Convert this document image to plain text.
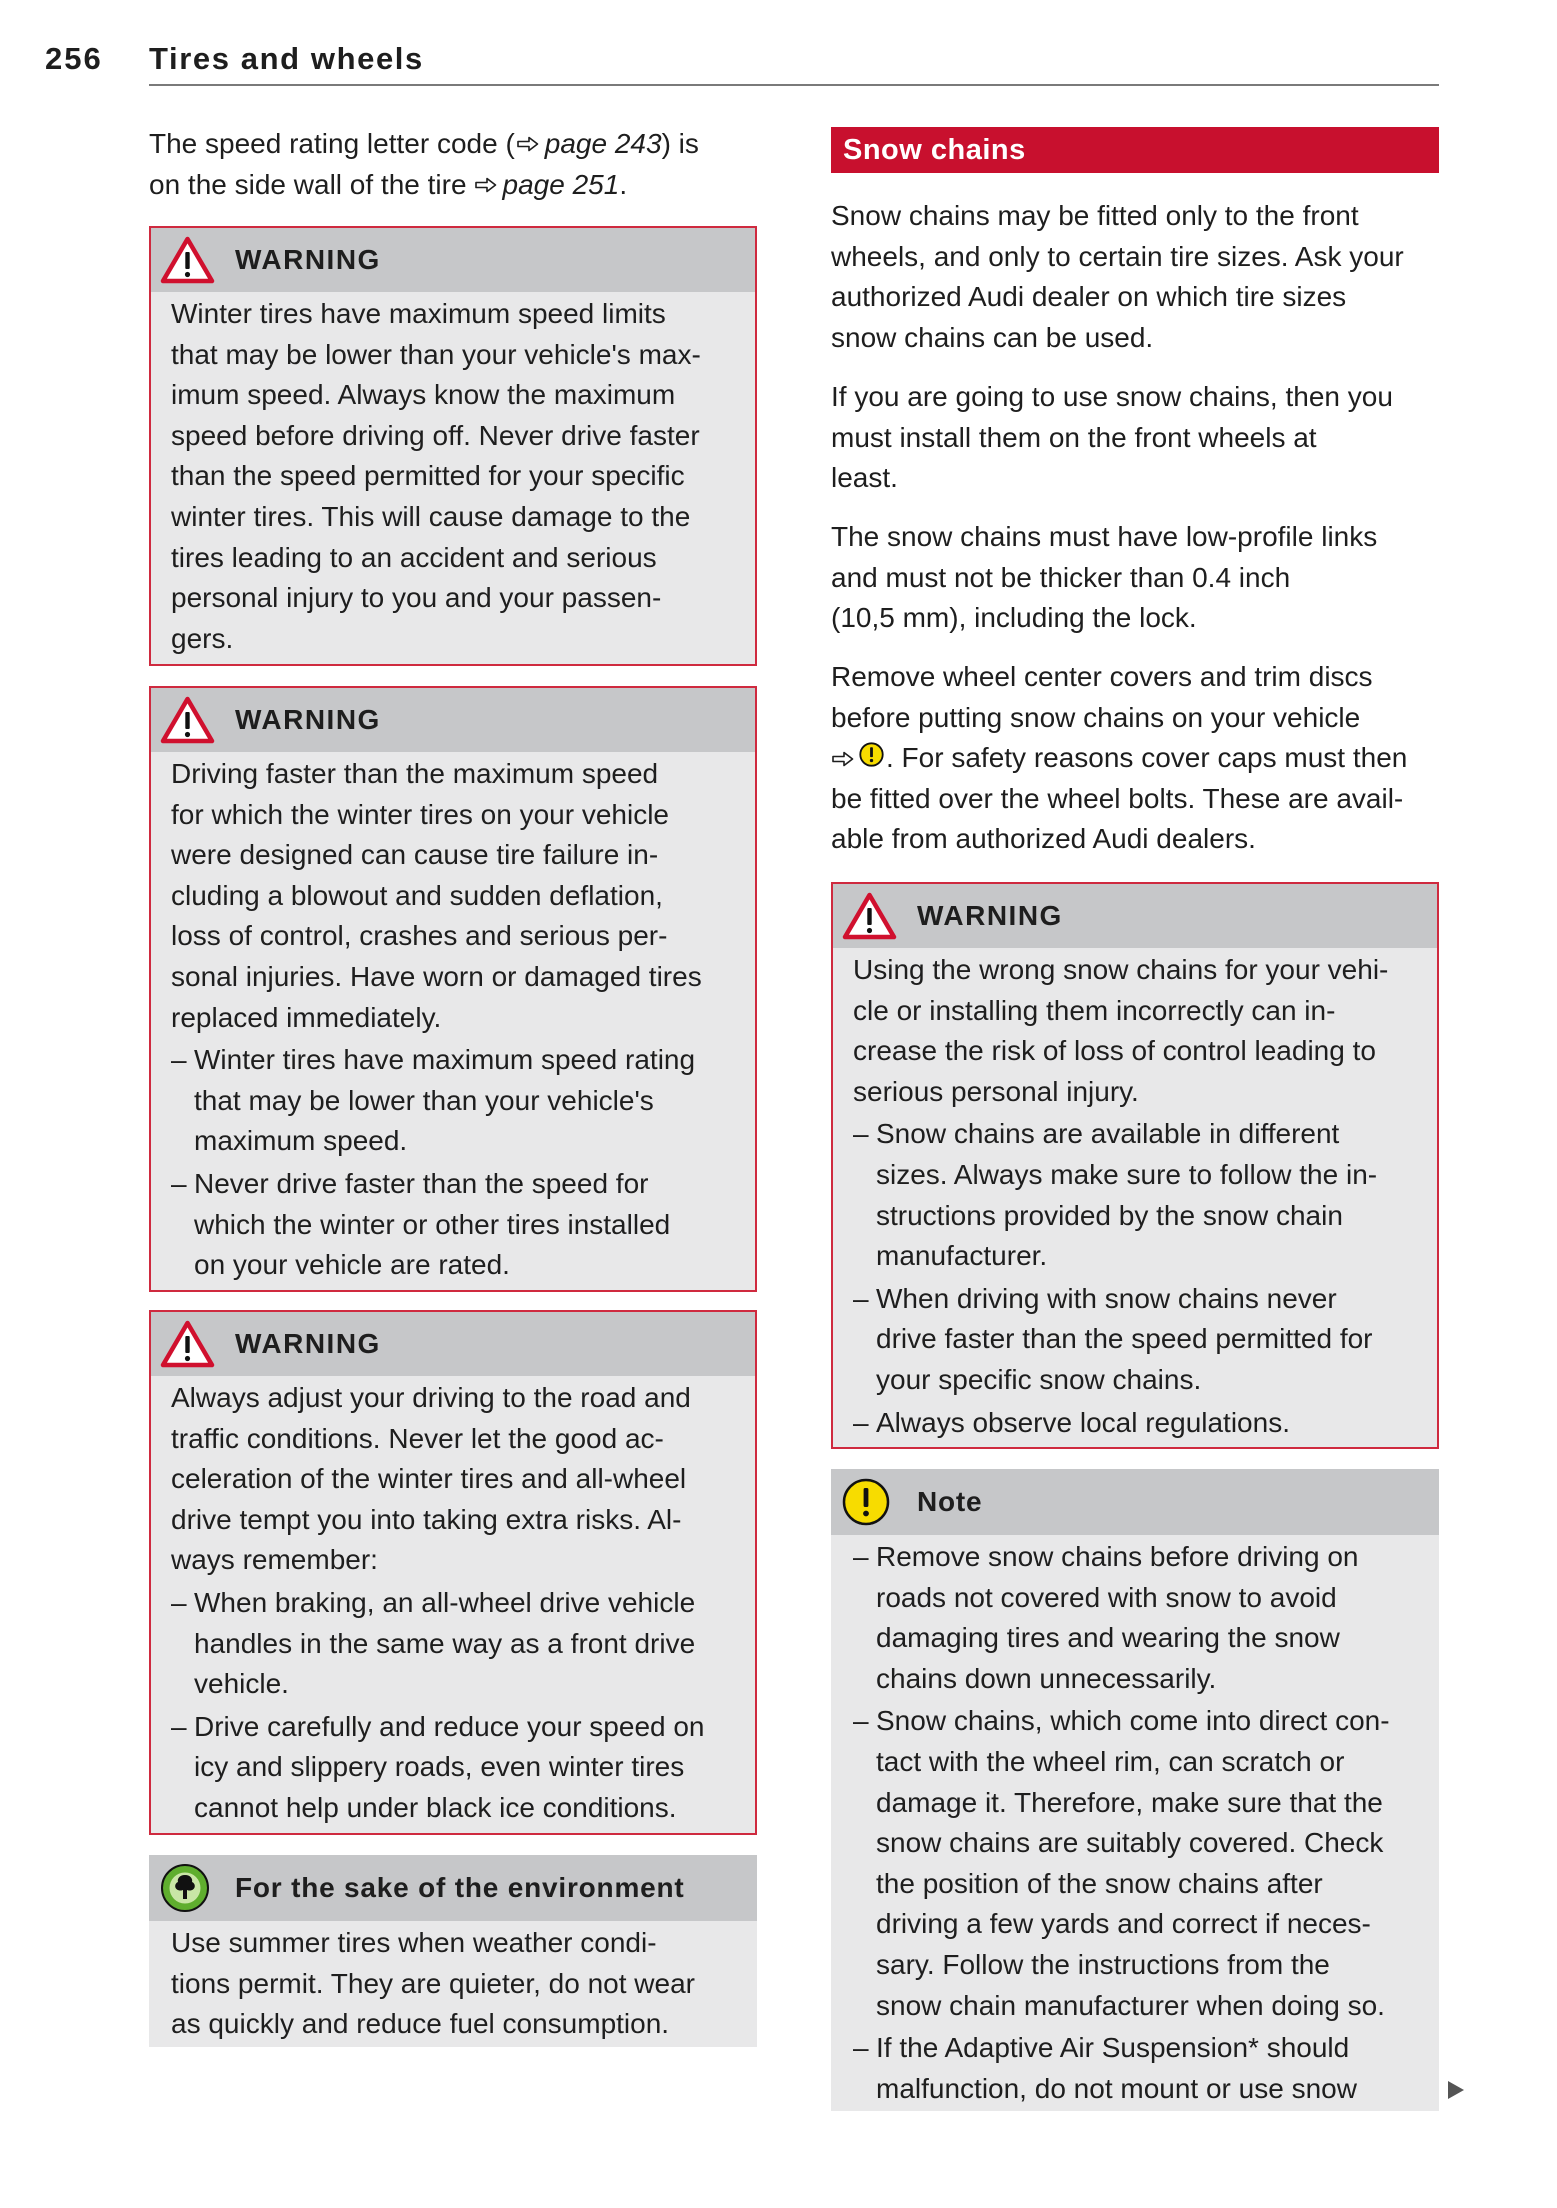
256 Tires and wheels
The speed rating letter code ( page 243) is
on the side wall of the tire page 251.
WARNING
Winter tires have maximum speed limits
that may be lower than your vehicle's max-
imum speed. Always know the maximum
speed before driving off. Never drive faster
than the speed permitted for your specific
winter tires. This will cause damage to the
tires leading to an accident and serious
personal injury to you and your passen-
gers.
WARNING
Driving faster than the maximum speed
for which the winter tires on your vehicle
were designed can cause tire failure in-
cluding a blowout and sudden deflation,
loss of control, crashes and serious per-
sonal injuries. Have worn or damaged tires
replaced immediately.
– Winter tires have maximum speed rating
that may be lower than your vehicle's
maximum speed.
– Never drive faster than the speed for
which the winter or other tires installed
on your vehicle are rated.
WARNING
Always adjust your driving to the road and
traffic conditions. Never let the good ac-
celeration of the winter tires and all-wheel
drive tempt you into taking extra risks. Al-
ways remember:
– When braking, an all-wheel drive vehicle
handles in the same way as a front drive
vehicle.
– Drive carefully and reduce your speed on
icy and slippery roads, even winter tires
cannot help under black ice conditions.
For the sake of the environment
Use summer tires when weather condi-
tions permit. They are quieter, do not wear
as quickly and reduce fuel consumption.
Snow chains
Snow chains may be fitted only to the front
wheels, and only to certain tire sizes. Ask your
authorized Audi dealer on which tire sizes
snow chains can be used.
If you are going to use snow chains, then you
must install them on the front wheels at
least.
The snow chains must have low-profile links
and must not be thicker than 0.4 inch
(10,5 mm), including the lock.
Remove wheel center covers and trim discs
before putting snow chains on your vehicle
. For safety reasons cover caps must then
be fitted over the wheel bolts. These are avail-
able from authorized Audi dealers.
WARNING
Using the wrong snow chains for your vehi-
cle or installing them incorrectly can in-
crease the risk of loss of control leading to
serious personal injury.
– Snow chains are available in different
sizes. Always make sure to follow the in-
structions provided by the snow chain
manufacturer.
– When driving with snow chains never
drive faster than the speed permitted for
your specific snow chains.
– Always observe local regulations.
Note
– Remove snow chains before driving on
roads not covered with snow to avoid
damaging tires and wearing the snow
chains down unnecessarily.
– Snow chains, which come into direct con-
tact with the wheel rim, can scratch or
damage it. Therefore, make sure that the
snow chains are suitably covered. Check
the position of the snow chains after
driving a few yards and correct if neces-
sary. Follow the instructions from the
snow chain manufacturer when doing so.
– If the Adaptive Air Suspension* should
malfunction, do not mount or use snow
